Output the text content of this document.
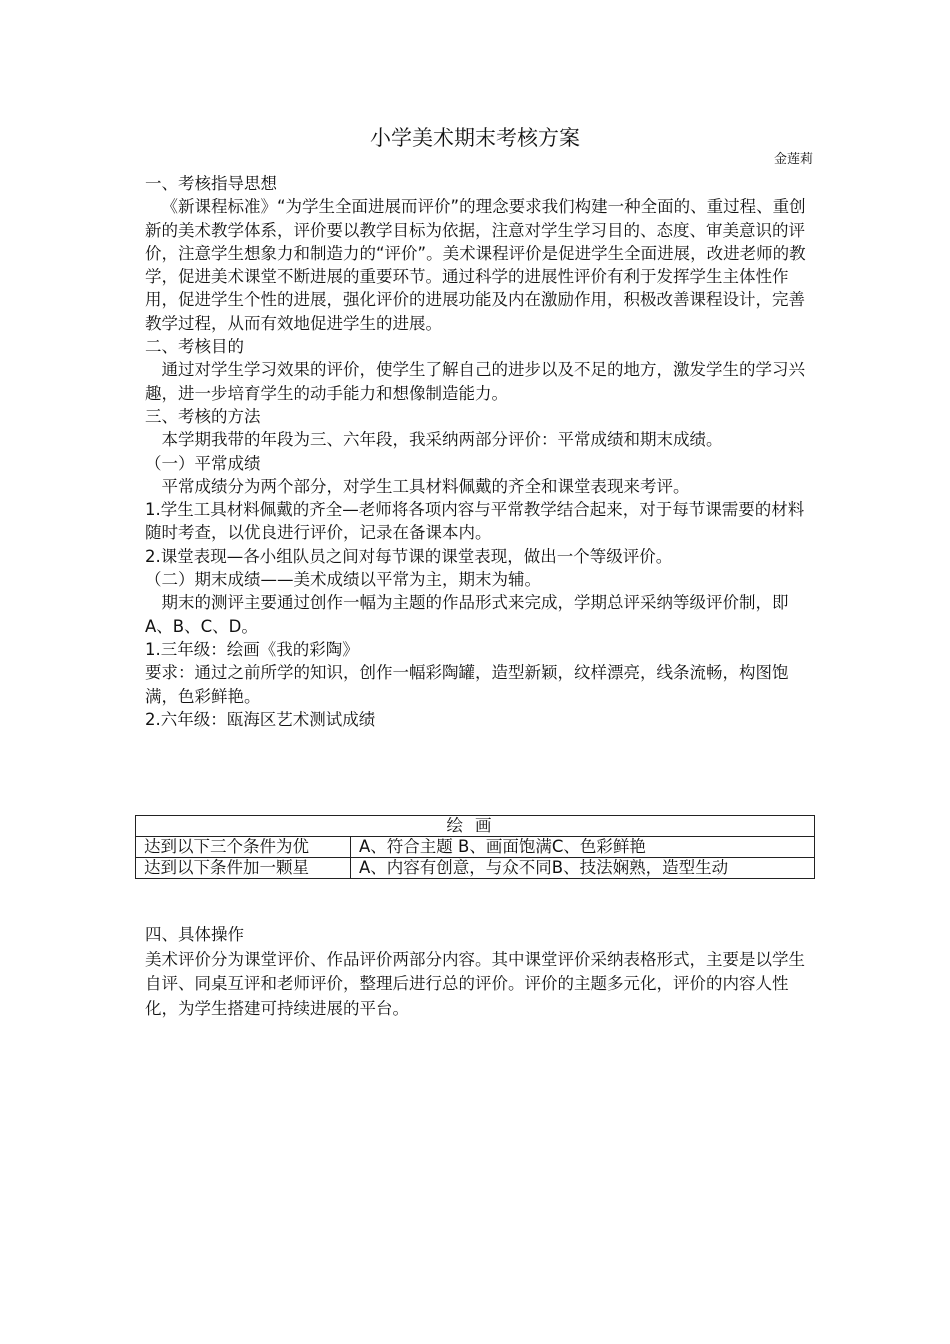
小学美术期末考核方案
金莲莉

一、考核指导思想

《新课程标准》“为学生全面进展而评价”的理念要求我们构建一种全面的、重过程、重创新的美术教学体系，评价要以教学目标为依据，注意对学生学习目的、态度、审美意识的评价，注意学生想象力和制造力的“评价”。美术课程评价是促进学生全面进展，改进老师的教学，促进美术课堂不断进展的重要环节。通过科学的进展性评价有利于发挥学生主体性作用，促进学生个性的进展，强化评价的进展功能及内在激励作用，积极改善课程设计，完善教学过程，从而有效地促进学生的进展。

二、考核目的

通过对学生学习效果的评价，使学生了解自己的进步以及不足的地方，激发学生的学习兴趣，进一步培育学生的动手能力和想像制造能力。

三、考核的方法

本学期我带的年段为三、六年段，我采纳两部分评价：平常成绩和期末成绩。

（一）平常成绩

平常成绩分为两个部分，对学生工具材料佩戴的齐全和课堂表现来考评。

1.学生工具材料佩戴的齐全—老师将各项内容与平常教学结合起来，对于每节课需要的材料随时考查，以优良进行评价，记录在备课本内。

2.课堂表现—各小组队员之间对每节课的课堂表现，做出一个等级评价。

（二）期末成绩——美术成绩以平常为主，期末为辅。

期末的测评主要通过创作一幅为主题的作品形式来完成，学期总评采纳等级评价制，即A、B、C、D。

1.三年级：绘画《我的彩陶》

要求：通过之前所学的知识，创作一幅彩陶罐，造型新颖，纹样漂亮，线条流畅，构图饱满，色彩鲜艳。

2.六年级：瓯海区艺术测试成绩

绘画	
达到以下三个条件为优	A、符合主题 B、画面饱满C、色彩鲜艳
达到以下条件加一颗星	A、内容有创意，与众不同B、技法娴熟，造型生动

四、具体操作

美术评价分为课堂评价、作品评价两部分内容。其中课堂评价采纳表格形式，主要是以学生自评、同桌互评和老师评价，整理后进行总的评价。评价的主题多元化，评价的内容人性化，为学生搭建可持续进展的平台。
